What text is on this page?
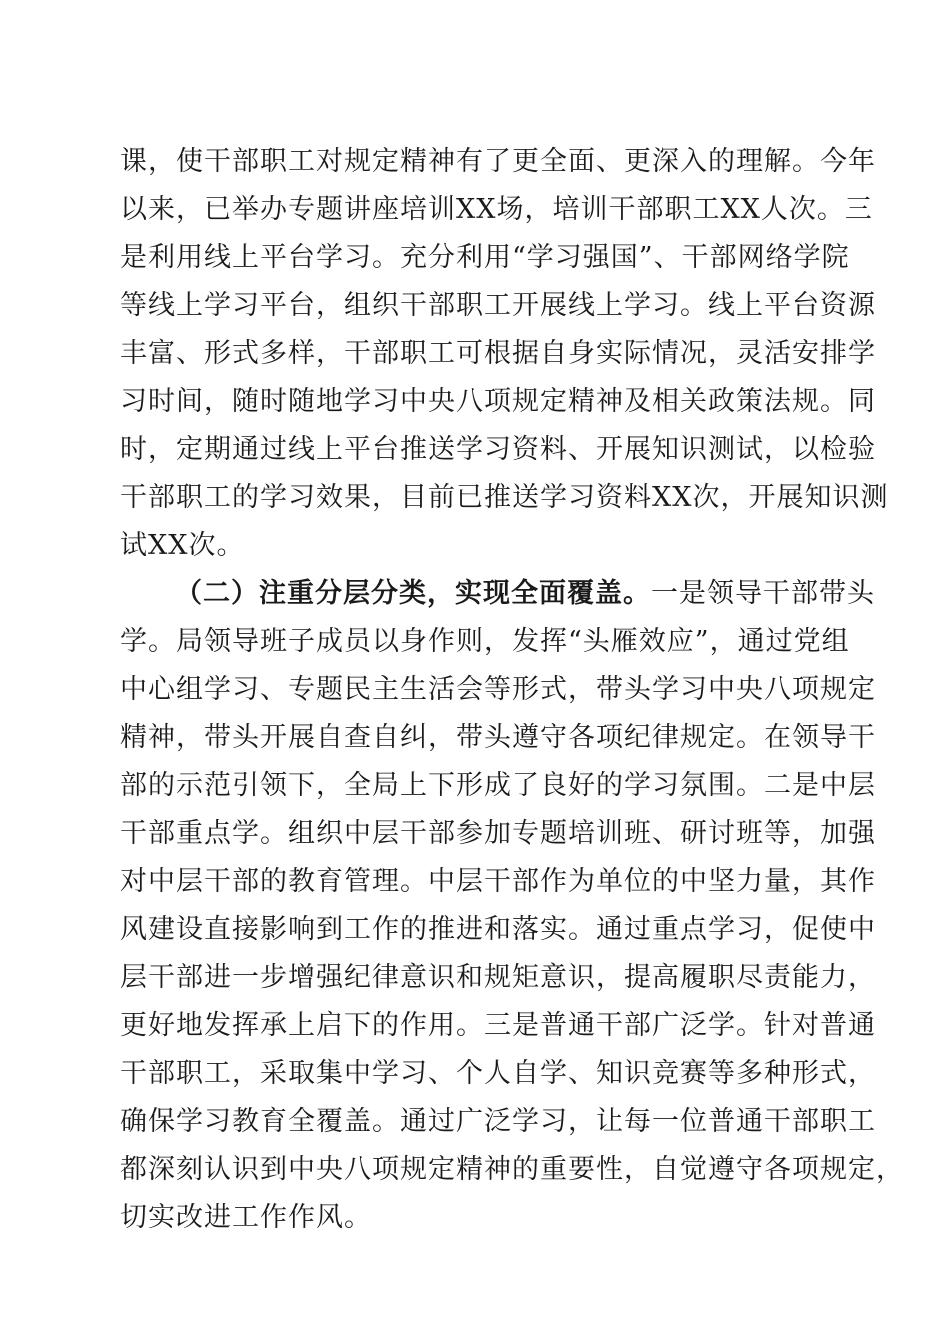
课，使干部职工对规定精神有了更全面、更深入的理解。今年
以来，已举办专题讲座培训XX场，培训干部职工XX人次。三
是利用线上平台学习。充分利用“学习强国”、干部网络学院
等线上学习平台，组织干部职工开展线上学习。线上平台资源
丰富、形式多样，干部职工可根据自身实际情况，灵活安排学
习时间，随时随地学习中央八项规定精神及相关政策法规。同
时，定期通过线上平台推送学习资料、开展知识测试，以检验
干部职工的学习效果，目前已推送学习资料XX次，开展知识测
试XX次。
（二）注重分层分类，实现全面覆盖。一是领导干部带头
学。局领导班子成员以身作则，发挥“头雁效应”，通过党组
中心组学习、专题民主生活会等形式，带头学习中央八项规定
精神，带头开展自查自纠，带头遵守各项纪律规定。在领导干
部的示范引领下，全局上下形成了良好的学习氛围。二是中层
干部重点学。组织中层干部参加专题培训班、研讨班等，加强
对中层干部的教育管理。中层干部作为单位的中坚力量，其作
风建设直接影响到工作的推进和落实。通过重点学习，促使中
层干部进一步增强纪律意识和规矩意识，提高履职尽责能力，
更好地发挥承上启下的作用。三是普通干部广泛学。针对普通
干部职工，采取集中学习、个人自学、知识竞赛等多种形式，
确保学习教育全覆盖。通过广泛学习，让每一位普通干部职工
都深刻认识到中央八项规定精神的重要性，自觉遵守各项规定，
切实改进工作作风。
